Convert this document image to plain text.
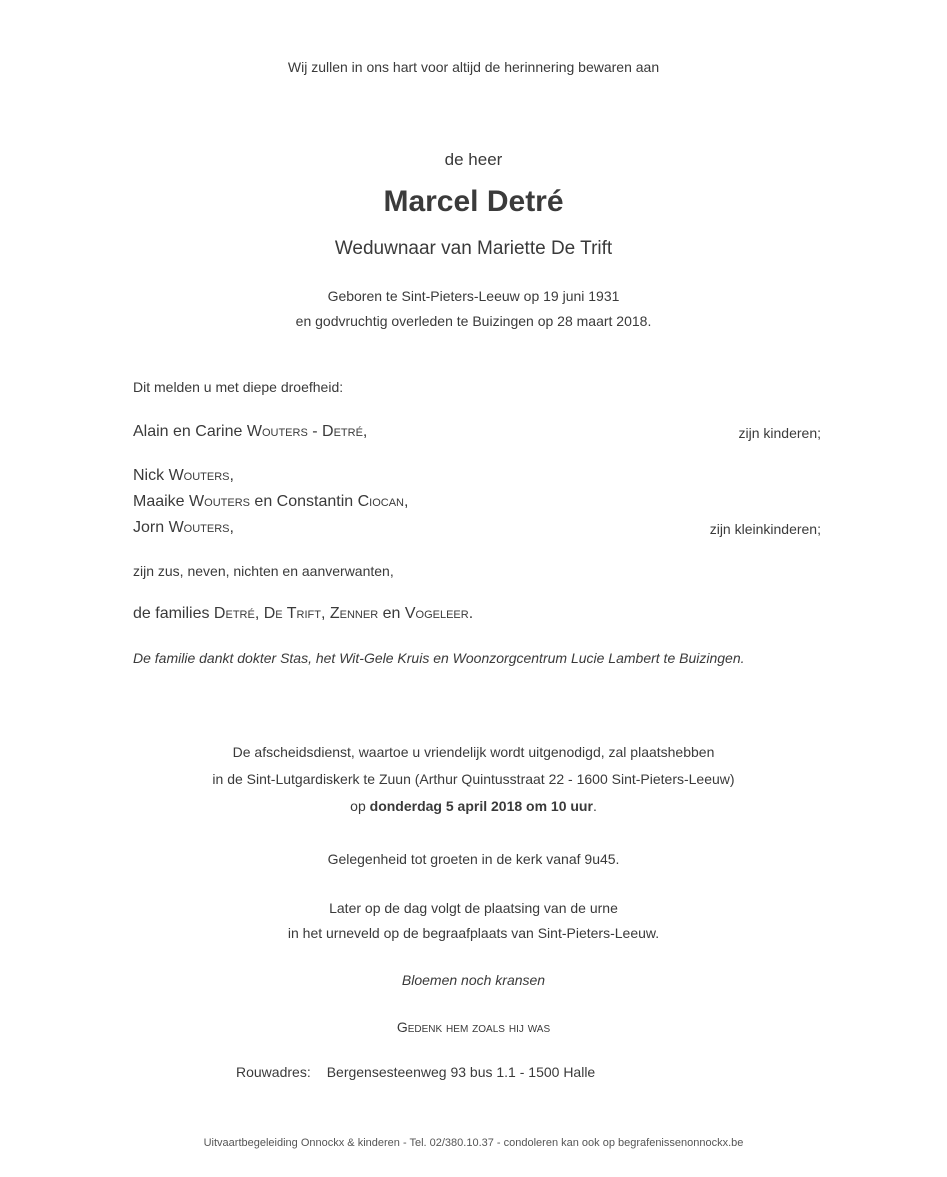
Wij zullen in ons hart voor altijd de herinnering bewaren aan
de heer
Marcel Detré
Weduwnaar van Mariette De Trift
Geboren te Sint-Pieters-Leeuw op 19 juni 1931
en godvruchtig overleden te Buizingen op 28 maart 2018.
Dit melden u met diepe droefheid:
Alain en Carine Wouters - Detré,	zijn kinderen;
Nick Wouters,
Maaike Wouters en Constantin Ciocan,
Jorn Wouters,	zijn kleinkinderen;
zijn zus, neven, nichten en aanverwanten,
de families Detré, De Trift, Zenner en Vogeleer.
De familie dankt dokter Stas, het Wit-Gele Kruis en Woonzorgcentrum Lucie Lambert te Buizingen.
De afscheidsdienst, waartoe u vriendelijk wordt uitgenodigd, zal plaatshebben
in de Sint-Lutgardiskerk te Zuun (Arthur Quintusstraat 22 - 1600 Sint-Pieters-Leeuw)
op donderdag 5 april 2018 om 10 uur.
Gelegenheid tot groeten in de kerk vanaf 9u45.
Later op de dag volgt de plaatsing van de urne
in het urneveld op de begraafplaats van Sint-Pieters-Leeuw.
Bloemen noch kransen
Gedenk hem zoals hij was
Rouwadres: Bergensesteenweg 93 bus 1.1 - 1500 Halle
Uitvaartbegeleiding Onnockx & kinderen - Tel. 02/380.10.37 - condoleren kan ook op begrafenissenonnockx.be
